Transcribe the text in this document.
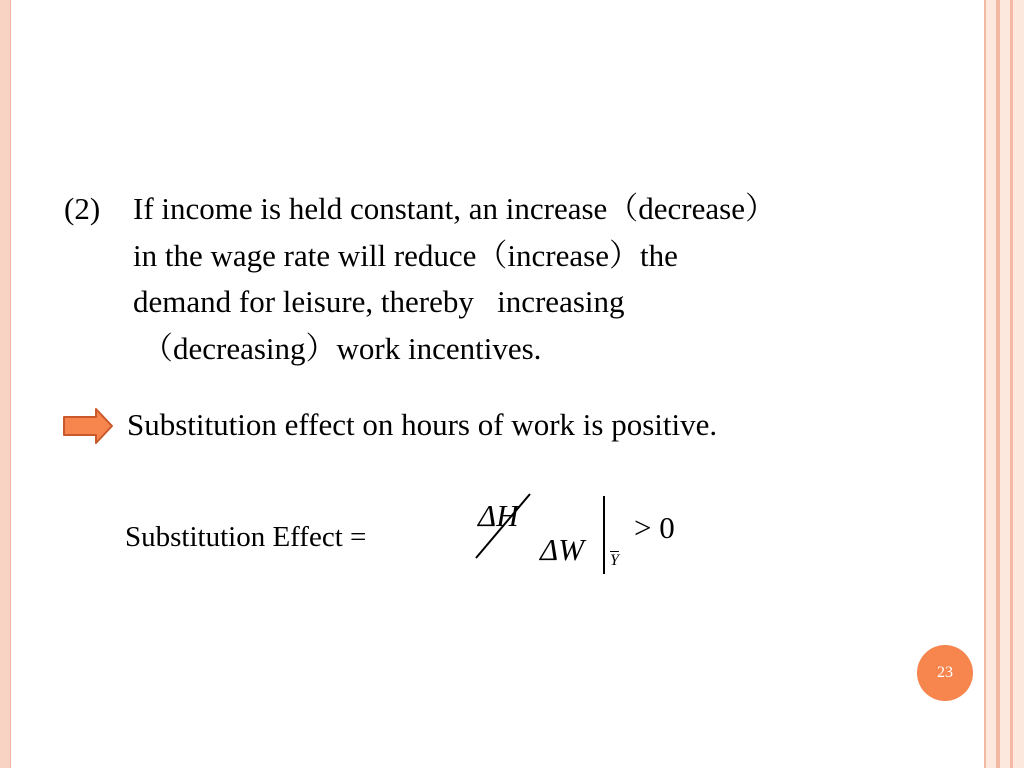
(2) If income is held constant, an increase（decrease）
in the wage rate will reduce（increase）the
demand for leisure, thereby   increasing
（decreasing）work incentives.
Substitution effect on hours of work is positive.
Substitution Effect =
ΔH
ΔW $\overline{Y}$
> 0
23
